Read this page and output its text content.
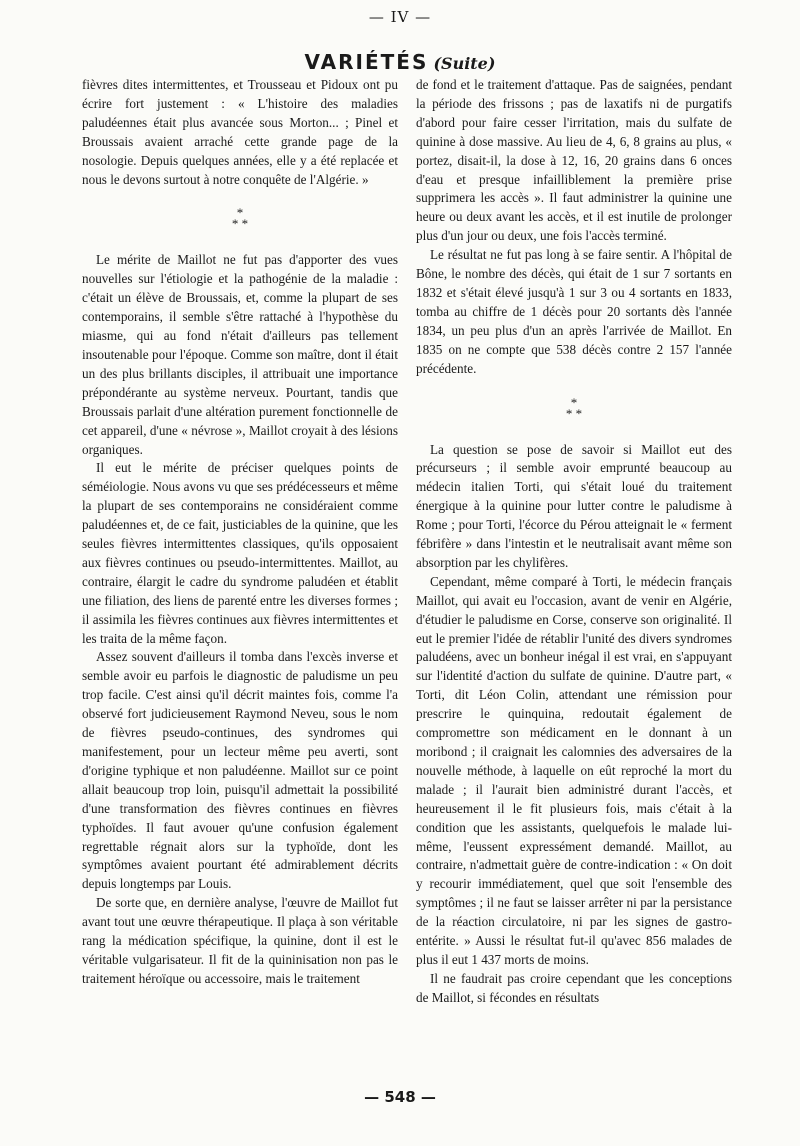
— IV —
VARIÉTÉS (Suite)

fièvres dites intermittentes, et Trousseau et Pidoux ont pu écrire fort justement : « L'histoire des maladies paludéennes était plus avancée sous Morton... ; Pinel et Broussais avaient arraché cette grande page de la nosologie. Depuis quelques années, elle y a été replacée et nous le devons surtout à notre conquête de l'Algérie. »

*
* *

Le mérite de Maillot ne fut pas d'apporter des vues nouvelles sur l'étiologie et la pathogénie de la maladie : c'était un élève de Broussais, et, comme la plupart de ses contemporains, il semble s'être rattaché à l'hypothèse du miasme, qui au fond n'était d'ailleurs pas tellement insoutenable pour l'époque. Comme son maître, dont il était un des plus brillants disciples, il attribuait une importance prépondérante au système nerveux. Pourtant, tandis que Broussais parlait d'une altération purement fonctionnelle de cet appareil, d'une « névrose », Maillot croyait à des lésions organiques.

Il eut le mérite de préciser quelques points de séméiologie. Nous avons vu que ses prédécesseurs et même la plupart de ses contemporains ne considéraient comme paludéennes et, de ce fait, justiciables de la quinine, que les seules fièvres intermittentes classiques, qu'ils opposaient aux fièvres continues ou pseudo-intermittentes. Maillot, au contraire, élargit le cadre du syndrome paludéen et établit une filiation, des liens de parenté entre les diverses formes ; il assimila les fièvres continues aux fièvres intermittentes et les traita de la même façon.

Assez souvent d'ailleurs il tomba dans l'excès inverse et semble avoir eu parfois le diagnostic de paludisme un peu trop facile. C'est ainsi qu'il décrit maintes fois, comme l'a observé fort judicieusement Raymond Neveu, sous le nom de fièvres pseudo-continues, des syndromes qui manifestement, pour un lecteur même peu averti, sont d'origine typhique et non paludéenne. Maillot sur ce point allait beaucoup trop loin, puisqu'il admettait la possibilité d'une transformation des fièvres continues en fièvres typhoïdes. Il faut avouer qu'une confusion également regrettable régnait alors sur la typhoïde, dont les symptômes avaient pourtant été admirablement décrits depuis longtemps par Louis.

De sorte que, en dernière analyse, l'œuvre de Maillot fut avant tout une œuvre thérapeutique. Il plaça à son véritable rang la médication spécifique, la quinine, dont il est le véritable vulgarisateur. Il fit de la quininisation non pas le traitement héroïque ou accessoire, mais le traitement

de fond et le traitement d'attaque. Pas de saignées, pendant la période des frissons ; pas de laxatifs ni de purgatifs d'abord pour faire cesser l'irritation, mais du sulfate de quinine à dose massive. Au lieu de 4, 6, 8 grains au plus, « portez, disait-il, la dose à 12, 16, 20 grains dans 6 onces d'eau et presque infailliblement la première prise supprimera les accès ». Il faut administrer la quinine une heure ou deux avant les accès, et il est inutile de prolonger plus d'un jour ou deux, une fois l'accès terminé.

Le résultat ne fut pas long à se faire sentir. A l'hôpital de Bône, le nombre des décès, qui était de 1 sur 7 sortants en 1832 et s'était élevé jusqu'à 1 sur 3 ou 4 sortants en 1833, tomba au chiffre de 1 décès pour 20 sortants dès l'année 1834, un peu plus d'un an après l'arrivée de Maillot. En 1835 on ne compte que 538 décès contre 2 157 l'année précédente.

*
* *

La question se pose de savoir si Maillot eut des précurseurs ; il semble avoir emprunté beaucoup au médecin italien Torti, qui s'était loué du traitement énergique à la quinine pour lutter contre le paludisme à Rome ; pour Torti, l'écorce du Pérou atteignait le « ferment fébrifère » dans l'intestin et le neutralisait avant même son absorption par les chylifères.

Cependant, même comparé à Torti, le médecin français Maillot, qui avait eu l'occasion, avant de venir en Algérie, d'étudier le paludisme en Corse, conserve son originalité. Il eut le premier l'idée de rétablir l'unité des divers syndromes paludéens, avec un bonheur inégal il est vrai, en s'appuyant sur l'identité d'action du sulfate de quinine. D'autre part, « Torti, dit Léon Colin, attendant une rémission pour prescrire le quinquina, redoutait également de compromettre son médicament en le donnant à un moribond ; il craignait les calomnies des adversaires de la nouvelle méthode, à laquelle on eût reproché la mort du malade ; il l'aurait bien administré durant l'accès, et heureusement il le fit plusieurs fois, mais c'était à la condition que les assistants, quelquefois le malade lui-même, l'eussent expressément demandé. Maillot, au contraire, n'admettait guère de contre-indication : « On doit y recourir immédiatement, quel que soit l'ensemble des symptômes ; il ne faut se laisser arrêter ni par la persistance de la réaction circulatoire, ni par les signes de gastro-entérite. » Aussi le résultat fut-il qu'avec 856 malades de plus il eut 1 437 morts de moins.

Il ne faudrait pas croire cependant que les conceptions de Maillot, si fécondes en résultats

— 548 —
